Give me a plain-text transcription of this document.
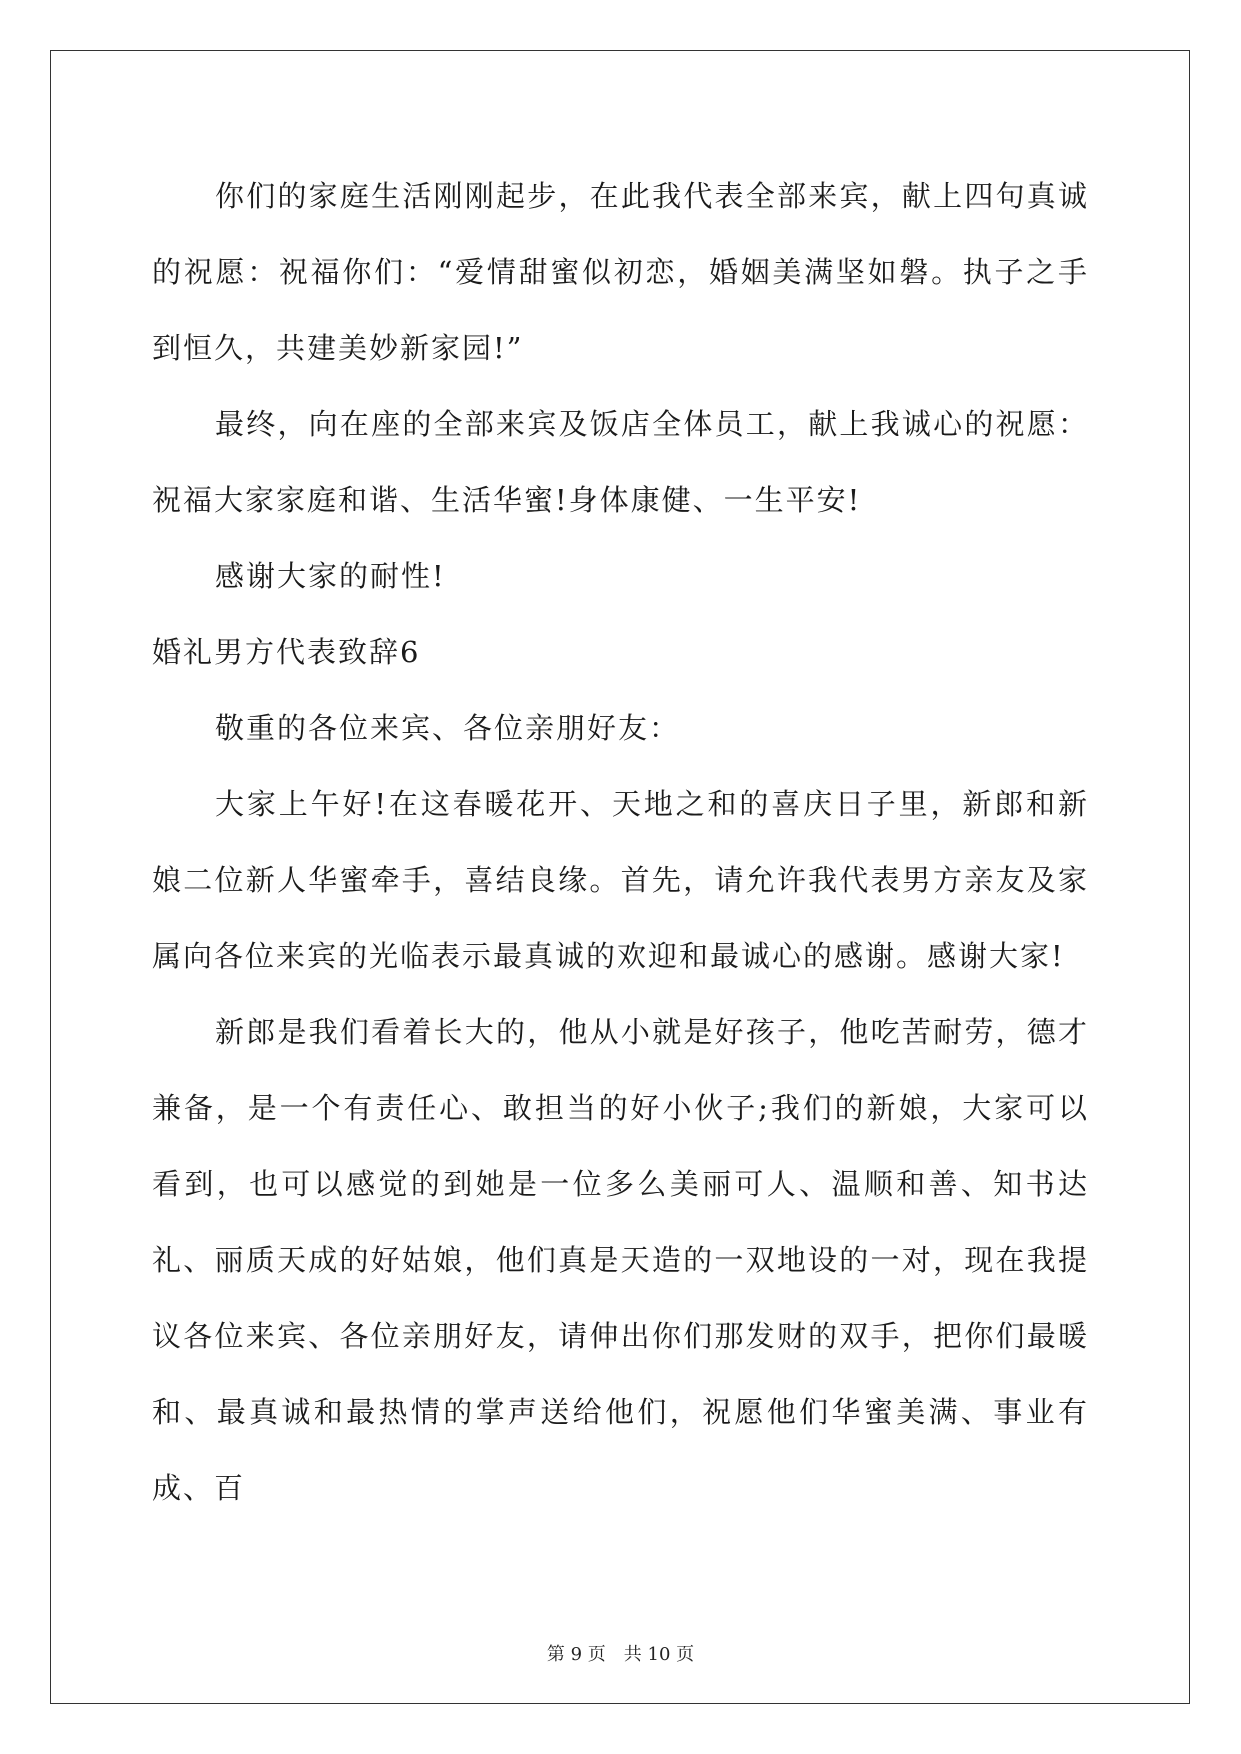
你们的家庭生活刚刚起步，在此我代表全部来宾，献上四句真诚的祝愿：祝福你们：“爱情甜蜜似初恋，婚姻美满坚如磐。执子之手到恒久，共建美妙新家园!”

最终，向在座的全部来宾及饭店全体员工，献上我诚心的祝愿：祝福大家家庭和谐、生活华蜜!身体康健、一生平安!

感谢大家的耐性!

婚礼男方代表致辞6

敬重的各位来宾、各位亲朋好友：

大家上午好!在这春暖花开、天地之和的喜庆日子里，新郎和新娘二位新人华蜜牵手，喜结良缘。首先，请允许我代表男方亲友及家属向各位来宾的光临表示最真诚的欢迎和最诚心的感谢。感谢大家!

新郎是我们看着长大的，他从小就是好孩子，他吃苦耐劳，德才兼备，是一个有责任心、敢担当的好小伙子;我们的新娘，大家可以看到，也可以感觉的到她是一位多么美丽可人、温顺和善、知书达礼、丽质天成的好姑娘，他们真是天造的一双地设的一对，现在我提议各位来宾、各位亲朋好友，请伸出你们那发财的双手，把你们最暖和、最真诚和最热情的掌声送给他们，祝愿他们华蜜美满、事业有成、百

第 9 页　共 10 页
